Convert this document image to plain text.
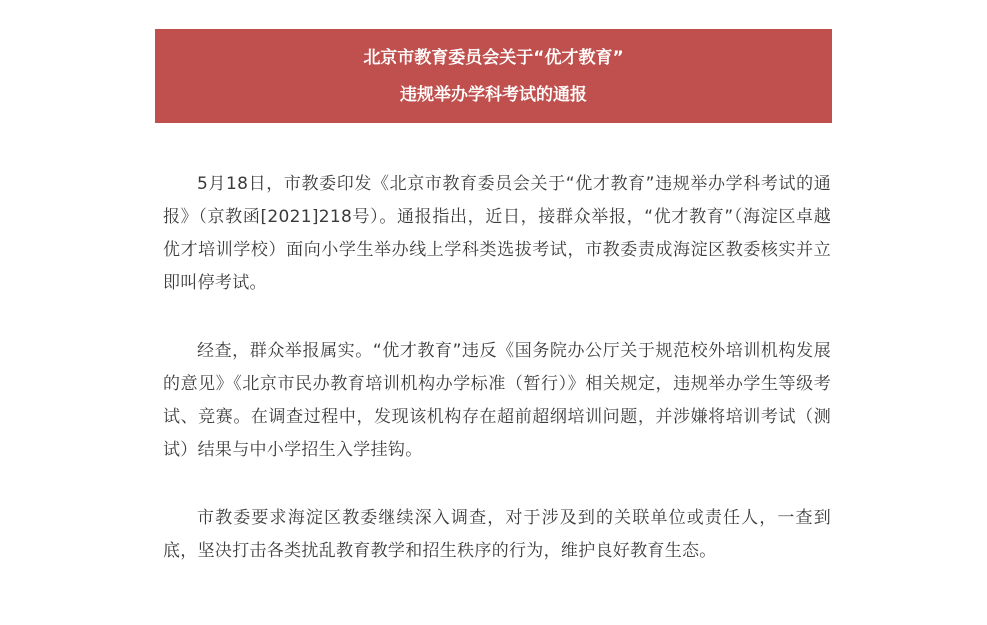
北京市教育委员会关于“优才教育”
违规举办学科考试的通报

5月18日，市教委印发《北京市教育委员会关于“优才教育”违规举办学科考试的通报》（京教函[2021]218号）。通报指出，近日，接群众举报，“优才教育”（海淀区卓越优才培训学校）面向小学生举办线上学科类选拔考试，市教委责成海淀区教委核实并立即叫停考试。

经查，群众举报属实。“优才教育”违反《国务院办公厅关于规范校外培训机构发展的意见》《北京市民办教育培训机构办学标准（暂行）》相关规定，违规举办学生等级考试、竞赛。在调查过程中，发现该机构存在超前超纲培训问题，并涉嫌将培训考试（测试）结果与中小学招生入学挂钩。

市教委要求海淀区教委继续深入调查，对于涉及到的关联单位或责任人，一查到底，坚决打击各类扰乱教育教学和招生秩序的行为，维护良好教育生态。
